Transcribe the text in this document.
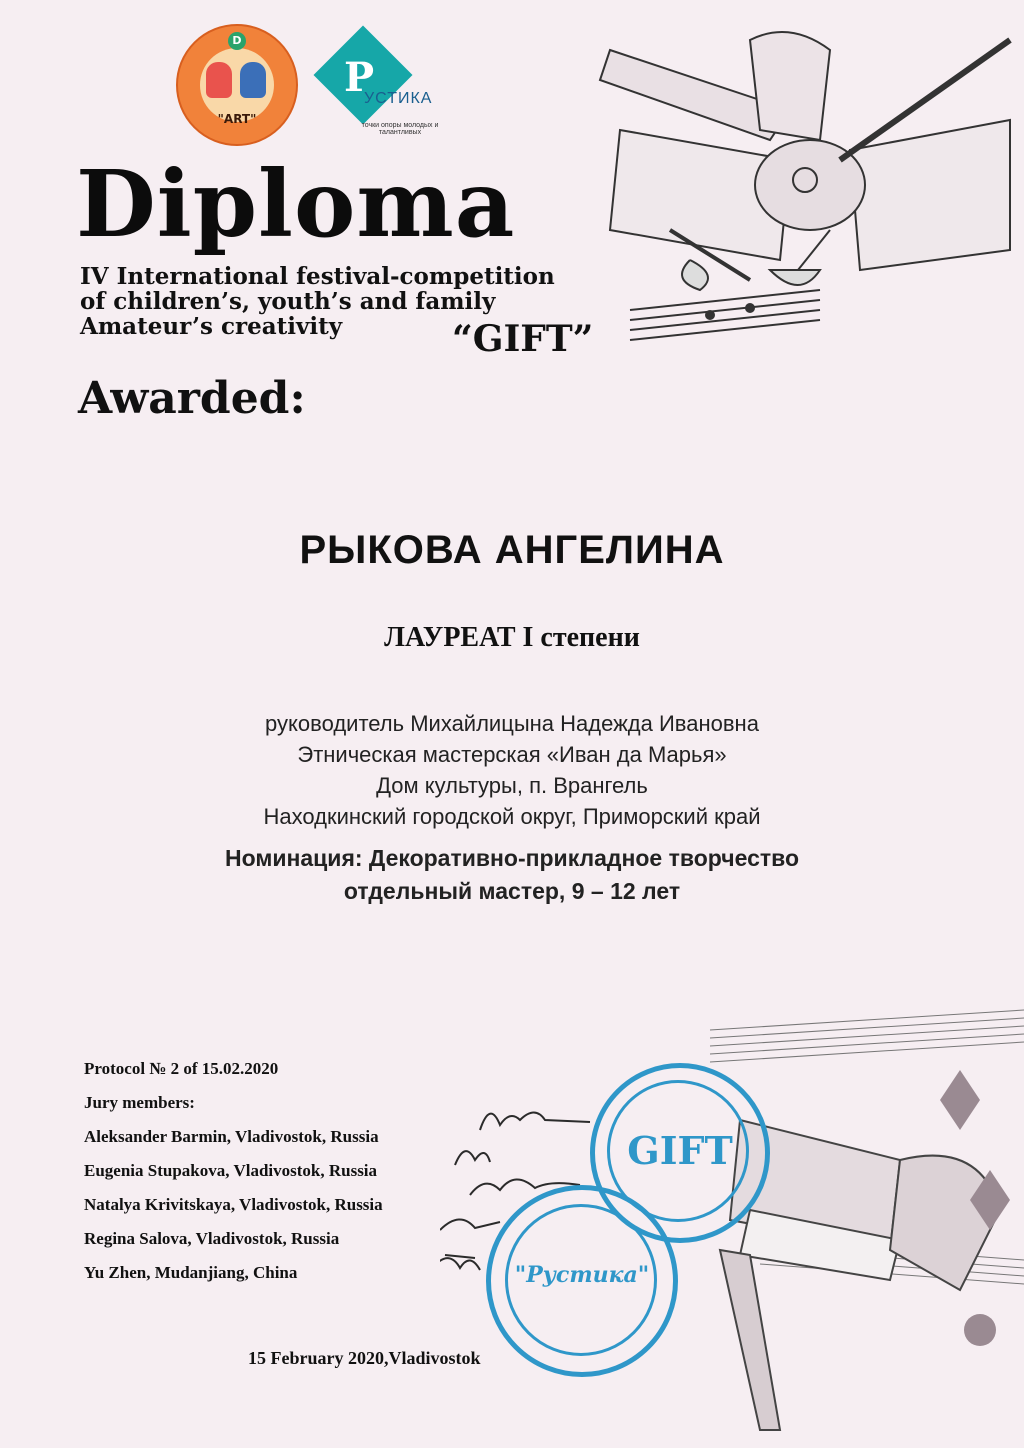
D
"ART"
Р
УСТИКА
точки опоры молодых и талантливых
Diploma
IV International festival-competition
of children’s, youth’s and family
Amateur’s creativity	“GIFT”
Awarded:
РЫКОВА АНГЕЛИНА
ЛАУРЕАТ I степени
руководитель Михайлицына Надежда Ивановна
Этническая мастерская «Иван да Марья»
Дом культуры, п. Врангель
Находкинский городской округ, Приморский край
Номинация: Декоративно-прикладное творчество
отдельный мастер, 9 – 12 лет
Protocol № 2 of 15.02.2020
Jury members:
Aleksander Barmin, Vladivostok, Russia
Eugenia Stupakova, Vladivostok, Russia
Natalya Krivitskaya, Vladivostok, Russia
Regina Salova, Vladivostok, Russia
Yu Zhen, Mudanjiang, China
GIFT
"Рустика"
15 February 2020,Vladivostok
